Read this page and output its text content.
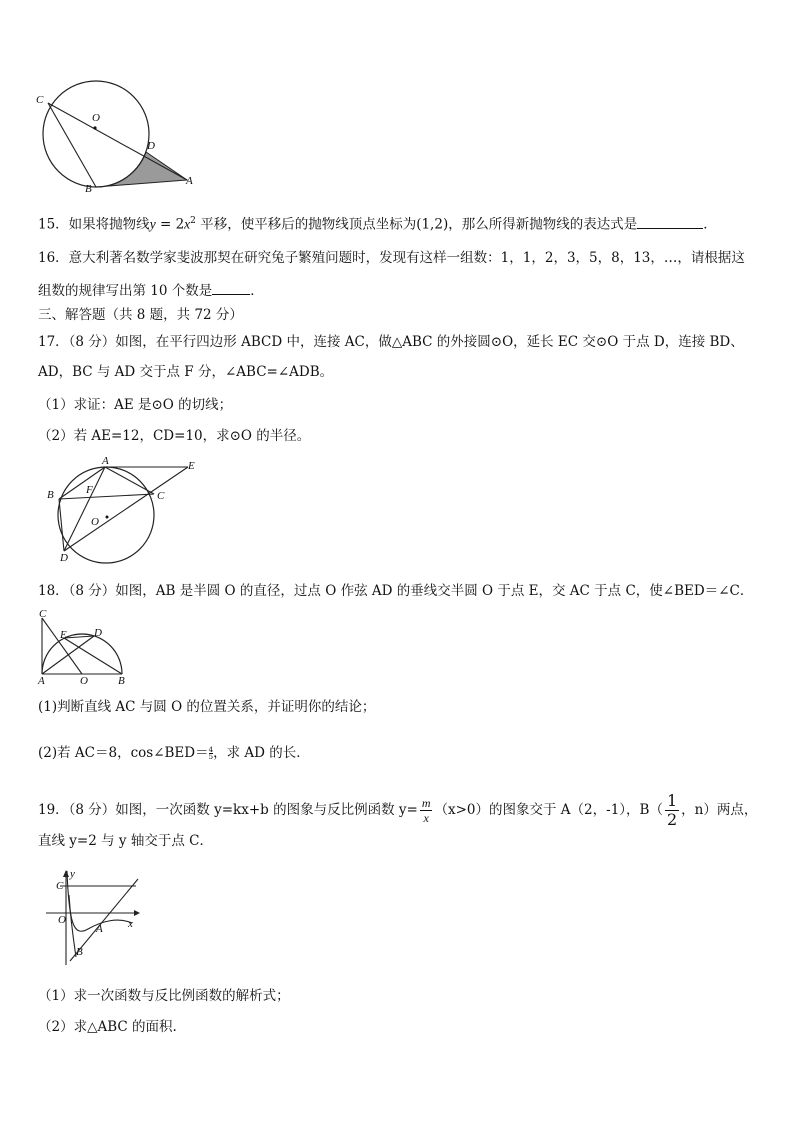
C
O
D
B
A
15．如果将抛物线$y = 2x^2$ 平移，使平移后的抛物线顶点坐标为(1,2)，那么所得新抛物线的表达式是	．
16．意大利著名数学家斐波那契在研究兔子繁殖问题时，发现有这样一组数：1，1，2，3，5，8，13，…，请根据这
组数的规律写出第 10 个数是	．
三、解答题（共 8 题，共 72 分）
17．（8 分）如图，在平行四边形 ABCD 中，连接 AC，做△ABC 的外接圆⊙O，延长 EC 交⊙O 于点 D，连接 BD、
AD，BC 与 AD 交于点 F 分，∠ABC=∠ADB。
（1）求证：AE 是⊙O 的切线；
（2）若 AE=12，CD=10，求⊙O 的半径。
A	E
B	F	C
O
D
18．（8 分）如图，AB 是半圆 O 的直径，过点 O 作弦 AD 的垂线交半圆 O 于点 E，交 AC 于点 C，使∠BED＝∠C．
C
E D
A	O	B
(1)判断直线 AC 与圆 O 的位置关系，并证明你的结论；
(2)若 AC＝8，cos∠BED＝ $\frac{4}{5}$ ，求 AD 的长．
19．（8 分）如图，一次函数 y=kx+b 的图象与反比例函数 $y= \frac{m}{x} (x>0)$的图象交于 A（2，-1），$B( \frac{1}{2}$ ，n）两点，
直线 y=2 与 y 轴交于点 C．
y
C
O
A
B
x
（1）求一次函数与反比例函数的解析式；
（2）求△ABC 的面积.
